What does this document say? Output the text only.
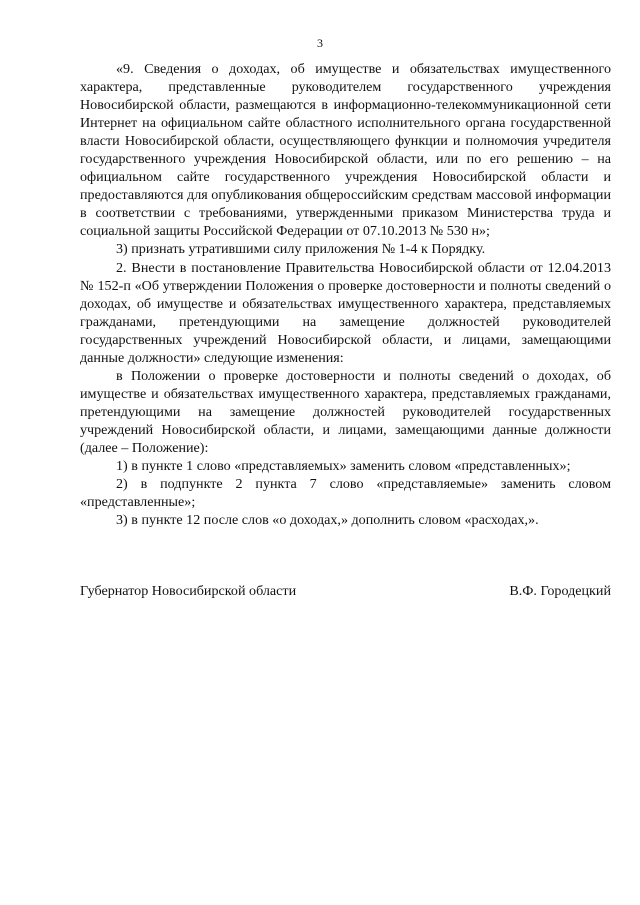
3

«9. Сведения о доходах, об имуществе и обязательствах имущественного характера, представленные руководителем государственного учреждения Новосибирской области, размещаются в информационно-телекоммуникационной сети Интернет на официальном сайте областного исполнительного органа государственной власти Новосибирской области, осуществляющего функции и полномочия учредителя государственного учреждения Новосибирской области, или по его решению – на официальном сайте государственного учреждения Новосибирской области и предоставляются для опубликования общероссийским средствам массовой информации в соответствии с требованиями, утвержденными приказом Министерства труда и социальной защиты Российской Федерации от 07.10.2013 № 530 н»;

3) признать утратившими силу приложения № 1-4 к Порядку.

2. Внести в постановление Правительства Новосибирской области от 12.04.2013 № 152-п «Об утверждении Положения о проверке достоверности и полноты сведений о доходах, об имуществе и обязательствах имущественного характера, представляемых гражданами, претендующими на замещение должностей руководителей государственных учреждений Новосибирской области, и лицами, замещающими данные должности» следующие изменения:

в Положении о проверке достоверности и полноты сведений о доходах, об имуществе и обязательствах имущественного характера, представляемых гражданами, претендующими на замещение должностей руководителей государственных учреждений Новосибирской области, и лицами, замещающими данные должности (далее – Положение):

1) в пункте 1 слово «представляемых» заменить словом «представленных»;

2) в подпункте 2 пункта 7 слово «представляемые» заменить словом «представленные»;

3) в пункте 12 после слов «о доходах,» дополнить словом «расходах,».

Губернатор Новосибирской области	В.Ф. Городецкий
